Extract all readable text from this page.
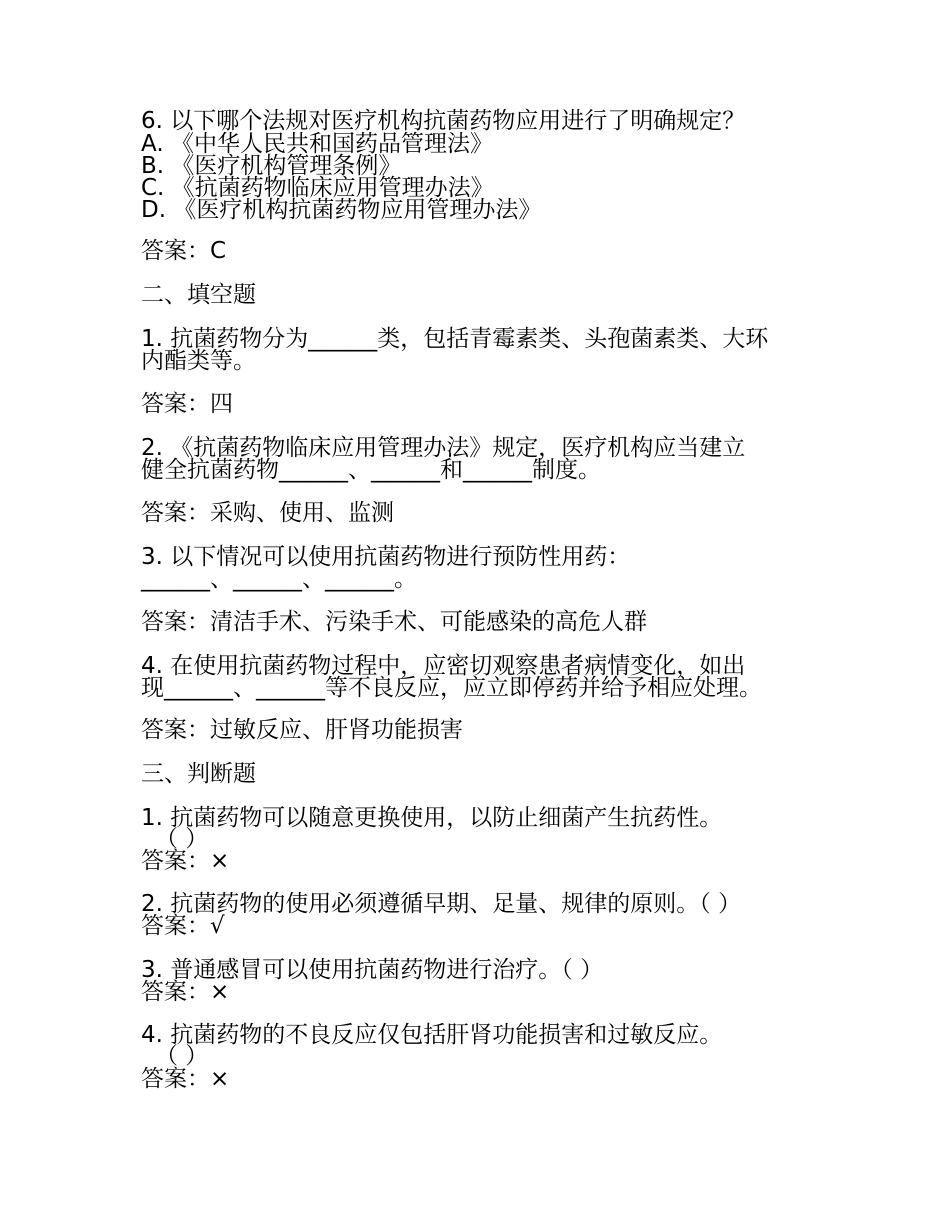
6. 以下哪个法规对医疗机构抗菌药物应用进行了明确规定？
A. 《中华人民共和国药品管理法》
B. 《医疗机构管理条例》
C. 《抗菌药物临床应用管理办法》
D. 《医疗机构抗菌药物应用管理办法》
答案：C
二、填空题
1. 抗菌药物分为______类，包括青霉素类、头孢菌素类、大环
内酯类等。
答案：四
2. 《抗菌药物临床应用管理办法》规定，医疗机构应当建立
健全抗菌药物______、______和______制度。
答案：采购、使用、监测
3. 以下情况可以使用抗菌药物进行预防性用药：
______、______、______。
答案：清洁手术、污染手术、可能感染的高危人群
4. 在使用抗菌药物过程中，应密切观察患者病情变化，如出
现______、______等不良反应，应立即停药并给予相应处理。
答案：过敏反应、肝肾功能损害
三、判断题
1. 抗菌药物可以随意更换使用，以防止细菌产生抗药性。
（ ）
答案：×
2. 抗菌药物的使用必须遵循早期、足量、规律的原则。（ ）
答案：√
3. 普通感冒可以使用抗菌药物进行治疗。（ ）
答案：×
4. 抗菌药物的不良反应仅包括肝肾功能损害和过敏反应。
（ ）
答案：×
